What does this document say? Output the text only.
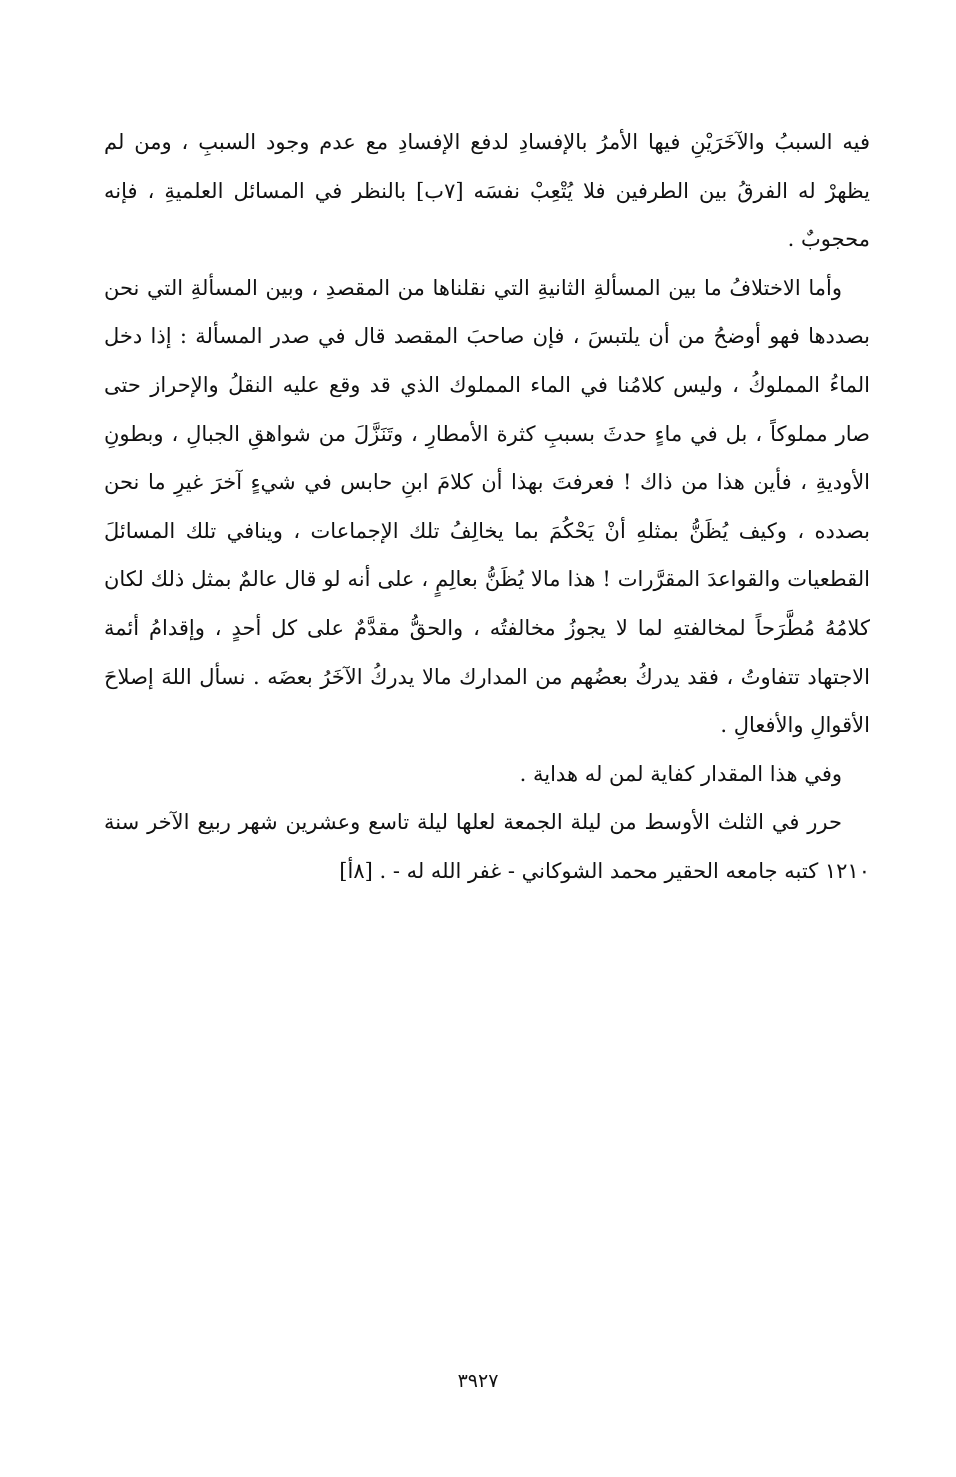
فيه السببُ والآخَرَيْنِ فيها الأمرُ بالإفسادِ لدفع الإفسادِ مع عدم وجود السببِ ، ومن لم يظهرْ له الفرقُ بين الطرفين فلا يُتْعِبْ نفسَه [٧ب] بالنظر في المسائل العلميةِ ، فإنه محجوبٌ .

وأما الاختلافُ ما بين المسألةِ الثانيةِ التي نقلناها من المقصدِ ، وبين المسألةِ التي نحن بصددها فهو أوضحُ من أن يلتبسَ ، فإن صاحبَ المقصد قال في صدر المسألة : إذا دخل الماءُ المملوكُ ، وليس كلامُنا في الماء المملوك الذي قد وقع عليه النقلُ والإحراز حتى صار مملوكاً ، بل في ماءٍ حدثَ بسببِ كثرة الأمطارِ ، وتَنَزَّلَ من شواهقِ الجبالِ ، وبطونِ الأوديةِ ، فأين هذا من ذاك ! فعرفتَ بهذا أن كلامَ ابنِ حابس في شيءٍ آخرَ غيرِ ما نحن بصدده ، وكيف يُظَنُّ بمثلهِ أنْ يَحْكُمَ بما يخالِفُ تلك الإجماعات ، وينافي تلك المسائلَ القطعيات والقواعدَ المقرَّرات ! هذا مالا يُظَنُّ بعالِمٍ ، على أنه لو قال عالمٌ بمثل ذلك لكان كلامُهُ مُطَّرَحاً لمخالفتهِ لما لا يجوزُ مخالفتُه ، والحقُّ مقدَّمٌ على كل أحدٍ ، وإقدامُ أئمة الاجتهاد تتفاوتُ ، فقد يدركُ بعضُهم من المدارك مالا يدركُ الآخَرُ بعضَه . نسأل اللهَ إصلاحَ الأقوالِ والأفعالِ .

وفي هذا المقدار كفاية لمن له هداية .

حرر في الثلث الأوسط من ليلة الجمعة لعلها ليلة تاسع وعشرين شهر ربيع الآخر سنة ١٢١٠ كتبه جامعه الحقير محمد الشوكاني - غفر الله له - . [٨أ]

٣٩٢٧
